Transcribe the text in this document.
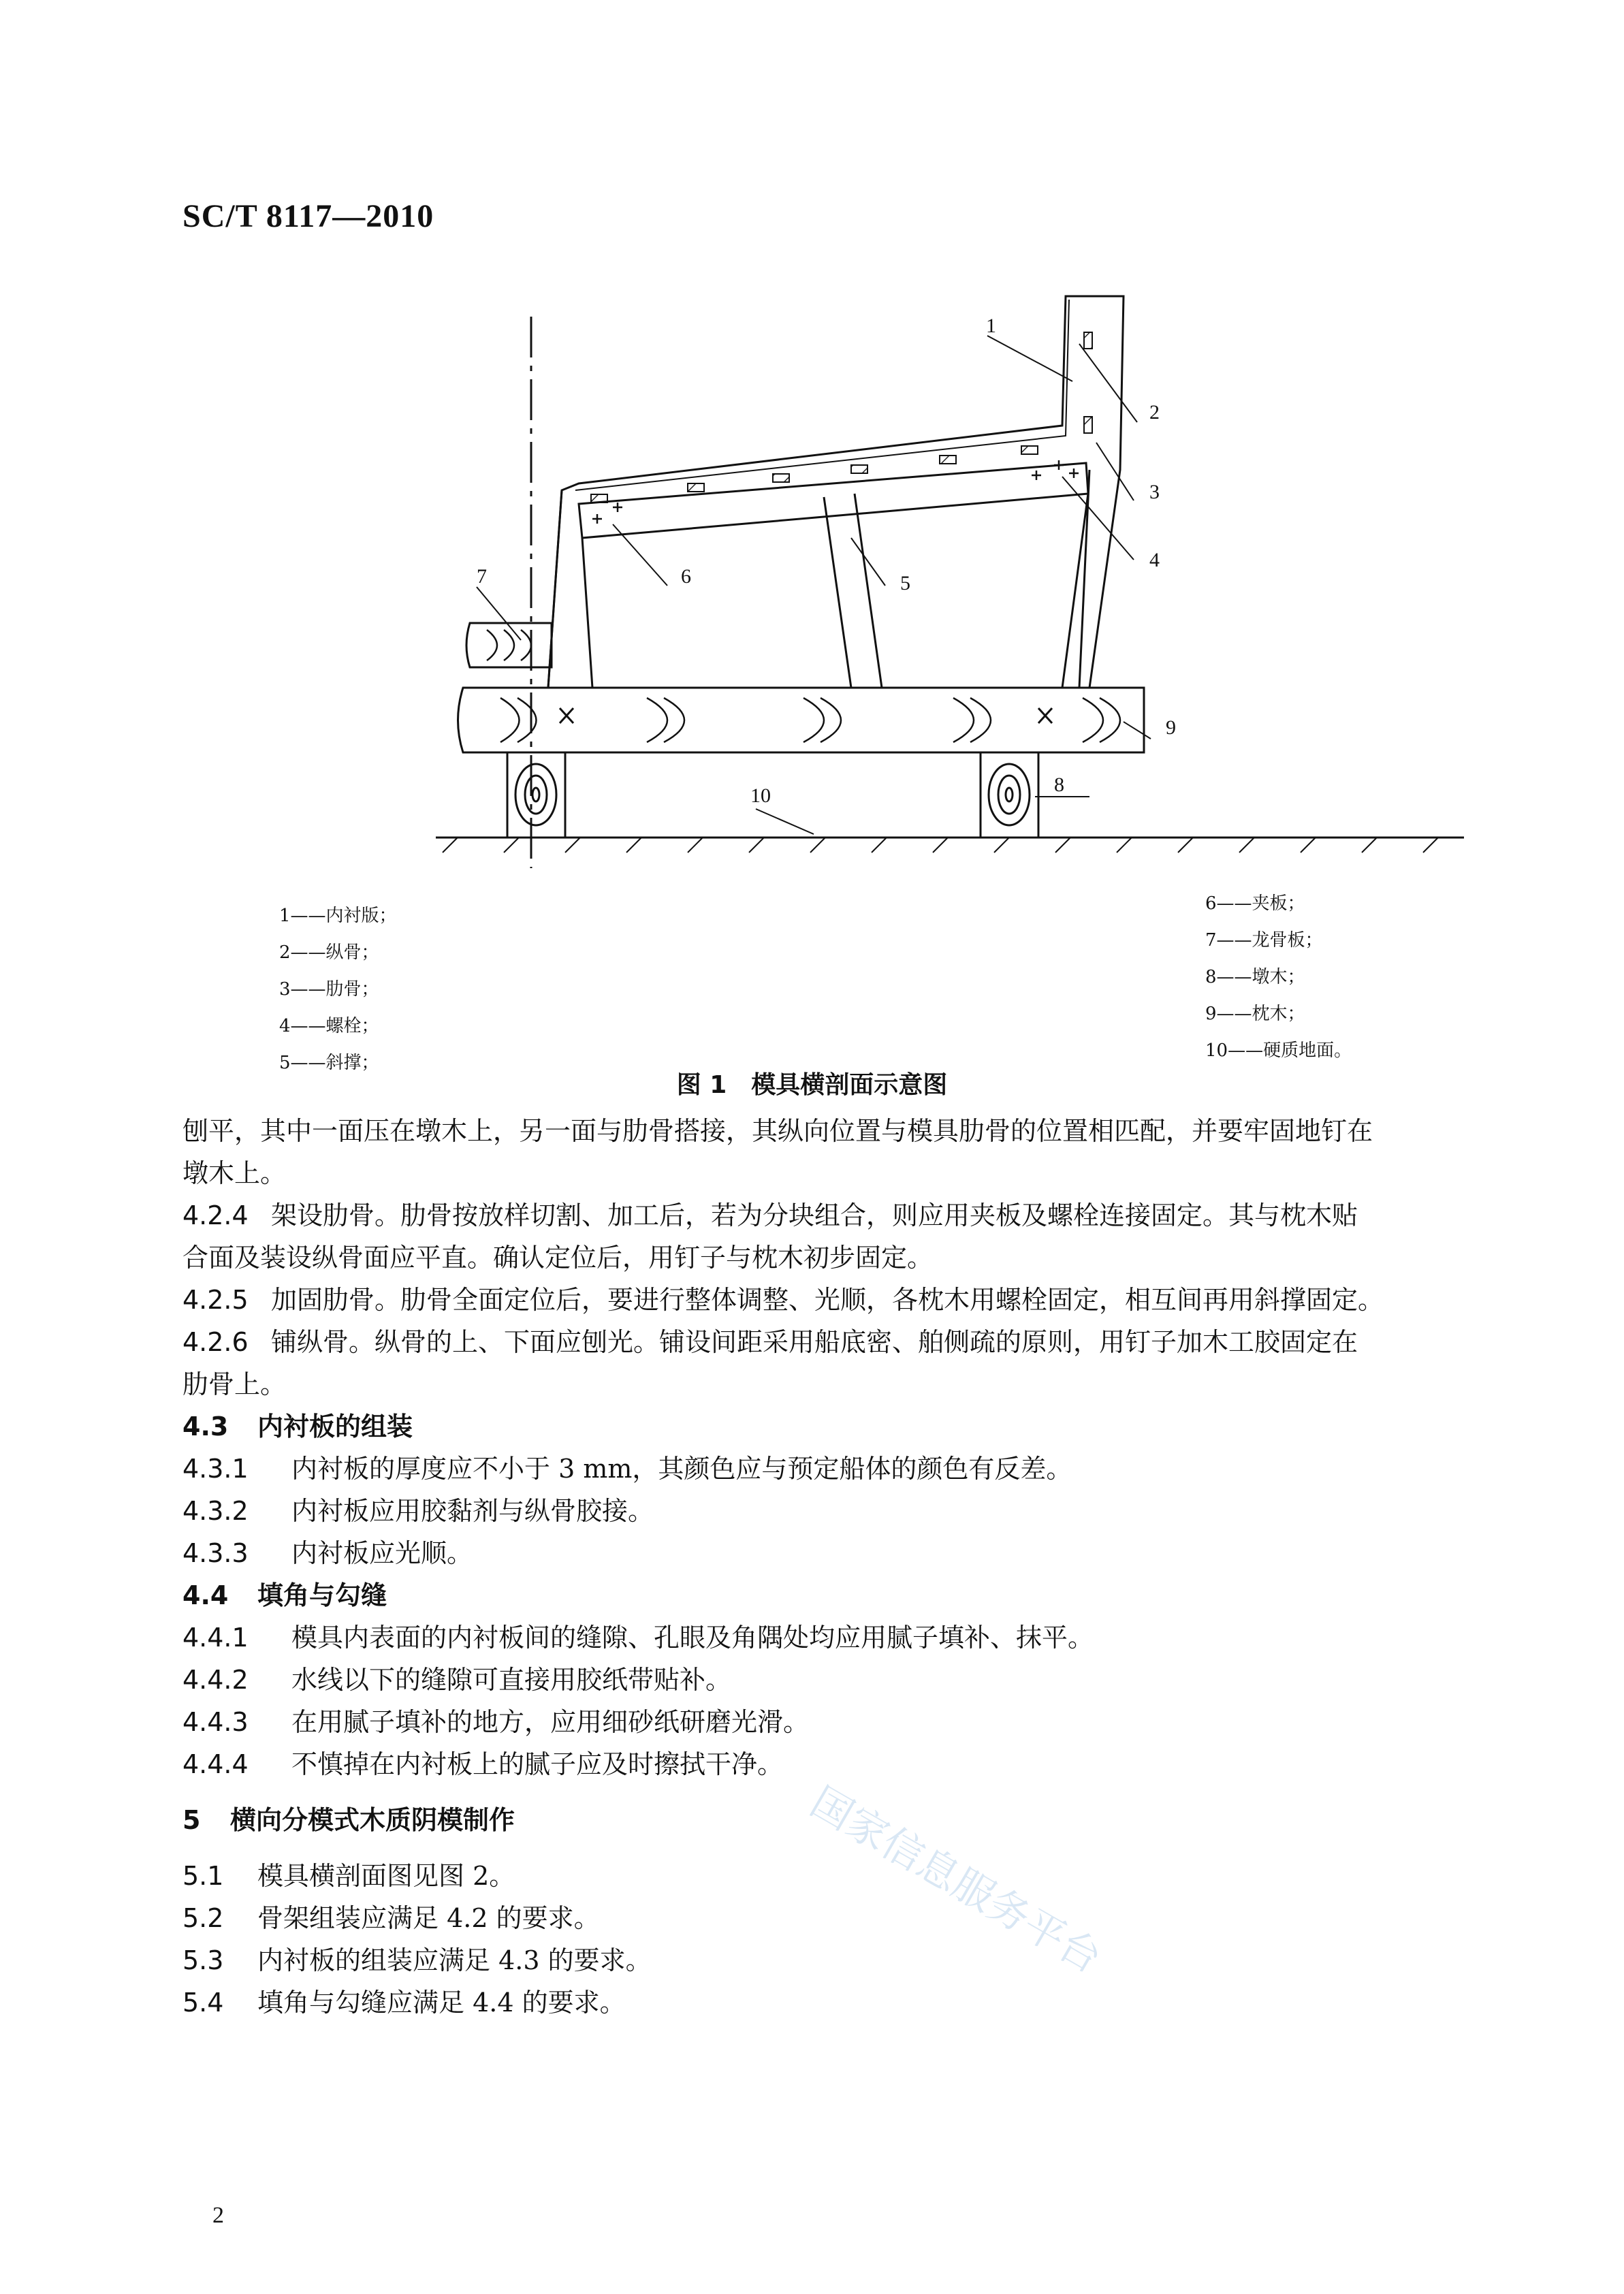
SC/T 8117—2010
1
2
3
4
5
6
7
8
9
10
1——内衬版；
2——纵骨；
3——肋骨；
4——螺栓；
5——斜撑；
6——夹板；
7——龙骨板；
8——墩木；
9——枕木；
10——硬质地面。
图 1　模具横剖面示意图
刨平，其中一面压在墩木上，另一面与肋骨搭接，其纵向位置与模具肋骨的位置相匹配，并要牢固地钉在
墩木上。
4.2.4 架设肋骨。肋骨按放样切割、加工后，若为分块组合，则应用夹板及螺栓连接固定。其与枕木贴
合面及装设纵骨面应平直。确认定位后，用钉子与枕木初步固定。
4.2.5 加固肋骨。肋骨全面定位后，要进行整体调整、光顺，各枕木用螺栓固定，相互间再用斜撑固定。
4.2.6 铺纵骨。纵骨的上、下面应刨光。铺设间距采用船底密、舶侧疏的原则，用钉子加木工胶固定在
肋骨上。
4.3 内衬板的组装
4.3.1 内衬板的厚度应不小于 3 mm，其颜色应与预定船体的颜色有反差。
4.3.2 内衬板应用胶黏剂与纵骨胶接。
4.3.3 内衬板应光顺。
4.4 填角与勾缝
4.4.1 模具内表面的内衬板间的缝隙、孔眼及角隅处均应用腻子填补、抹平。
4.4.2 水线以下的缝隙可直接用胶纸带贴补。
4.4.3 在用腻子填补的地方，应用细砂纸研磨光滑。
4.4.4 不慎掉在内衬板上的腻子应及时擦拭干净。
5 横向分模式木质阴模制作
5.1 模具横剖面图见图 2。
5.2 骨架组装应满足 4.2 的要求。
5.3 内衬板的组装应满足 4.3 的要求。
5.4 填角与勾缝应满足 4.4 的要求。
国家信息服务平台
2
